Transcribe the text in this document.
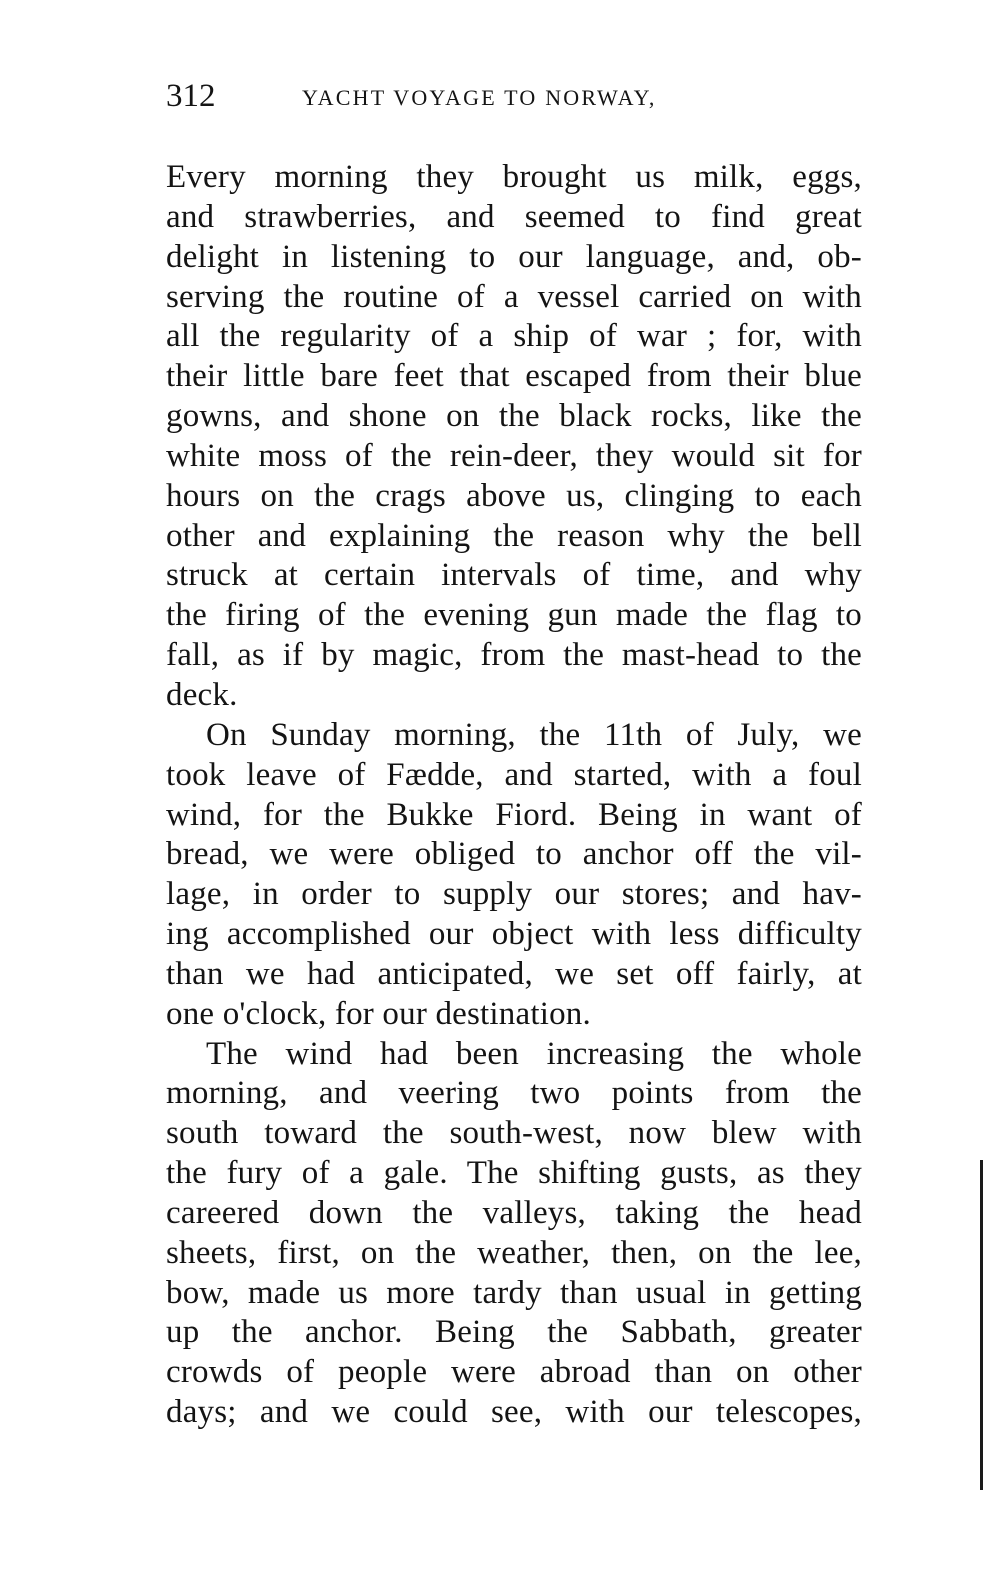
312	YACHT VOYAGE TO NORWAY,
Every morning they brought us milk, eggs,
and strawberries, and seemed to find great
delight in listening to our language, and, ob-
serving the routine of a vessel carried on with
all the regularity of a ship of war ; for, with
their little bare feet that escaped from their blue
gowns, and shone on the black rocks, like the
white moss of the rein-deer, they would sit for
hours on the crags above us, clinging to each
other and explaining the reason why the bell
struck at certain intervals of time, and why
the firing of the evening gun made the flag to
fall, as if by magic, from the mast-head to the
deck.
On Sunday morning, the 11th of July, we
took leave of Fædde, and started, with a foul
wind, for the Bukke Fiord. Being in want of
bread, we were obliged to anchor off the vil-
lage, in order to supply our stores; and hav-
ing accomplished our object with less difficulty
than we had anticipated, we set off fairly, at
one o'clock, for our destination.
The wind had been increasing the whole
morning, and veering two points from the
south toward the south-west, now blew with
the fury of a gale. The shifting gusts, as they
careered down the valleys, taking the head
sheets, first, on the weather, then, on the lee,
bow, made us more tardy than usual in getting
up the anchor. Being the Sabbath, greater
crowds of people were abroad than on other
days; and we could see, with our telescopes,
